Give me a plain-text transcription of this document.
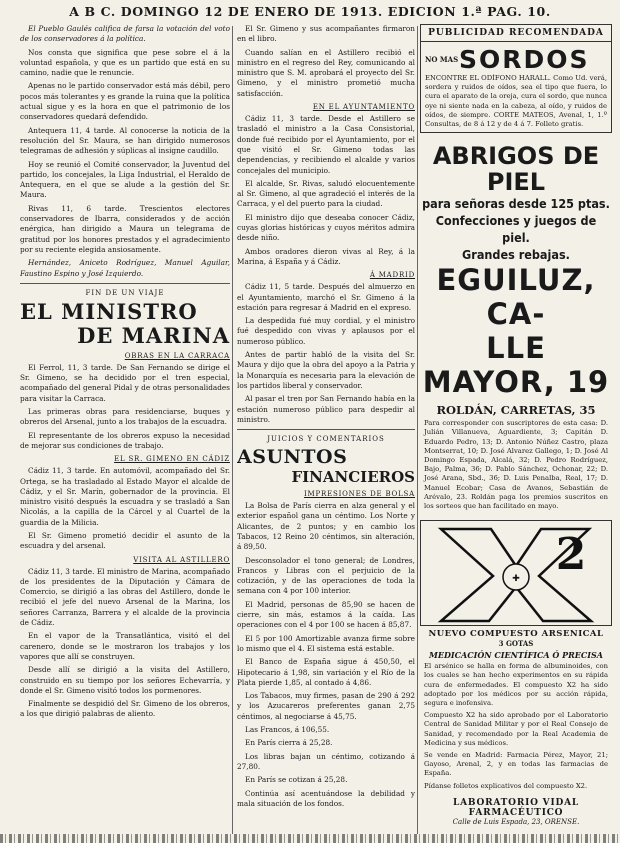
A B C. DOMINGO 12 DE ENERO DE 1913. EDICION 1.ª PAG. 10.

El Pueblo Gaulés califica de farsa la votación del voto de los conservadores á la política.

Nos consta que significa que pese sobre el á la voluntad española, y que es un partido que está en su camino, nadie que le renuncie.

Apenas no le partido conservador está más débil, pero pocos más tolerantes y es grande la ruina que la política actual sigue y es la hora en que el patrimonio de los conservadores quedará defendido.

Antequera 11, 4 tarde. Al conocerse la noticia de la resolución del Sr. Maura, se han dirigido numerosos telegramas de adhesión y súplicas al insigne caudillo.

Hoy se reunió el Comité conservador, la Juventud del partido, los concejales, la Liga Industrial, el Heraldo de Antequera, en el que se alude a la gestión del Sr. Maura.

Rivas 11, 6 tarde. Trescientos electores conservadores de Ibarra, considerados y de acción enérgica, han dirigido a Maura un telegrama de gratitud por los honores prestados y el agradecimiento por su reciente elegida ansiosamente.

Hernández, Aniceto Rodríguez, Manuel Aguilar, Faustino Espino y José Izquierdo.

FIN DE UN VIAJE
EL MINISTRO
DE MARINA
OBRAS EN LA CARRACA

El Ferrol, 11, 3 tarde. De San Fernando se dirige el Sr. Gimeno, se ha decidido por el tren especial, acompañado del general Pidal y de otras personalidades para visitar la Carraca.

Las primeras obras para residenciarse, buques y obreros del Arsenal, junto a los trabajos de la escuadra.

El representante de los obreros expuso la necesidad de mejorar sus condiciones de trabajo.

EL SR. GIMENO EN CÁDIZ

Cádiz 11, 3 tarde. En automóvil, acompañado del Sr. Ortega, se ha trasladado al Estado Mayor el alcalde de Cádiz, y el Sr. Marín, gobernador de la provincia. El ministro visitó después la escuadra y se trasladó a San Nicolás, a la capilla de la Cárcel y al Cuartel de la guardia de la Milicia.

El Sr. Gimeno prometió decidir el asunto de la escuadra y del arsenal.

VISITA AL ASTILLERO

Cádiz 11, 3 tarde. El ministro de Marina, acompañado de los presidentes de la Diputación y Cámara de Comercio, se dirigió a las obras del Astillero, donde le recibió el jefe del nuevo Arsenal de la Marina, los señores Carranza, Barrera y el alcalde de la provincia de Cádiz.

En el vapor de la Transatlántica, visitó el del carenero, donde se le mostraron los trabajos y los vapores que allí se construyen.

Desde allí se dirigió a la visita del Astillero, construido en su tiempo por los señores Echevarría, y donde el Sr. Gimeno visitó todos los pormenores.

Finalmente se despidió del Sr. Gimeno de los obreros, a los que dirigió palabras de aliento.

El Sr. Gimeno y sus acompañantes firmaron en el libro.

Cuando salían en el Astillero recibió el ministro en el regreso del Rey, comunicando al ministro que S. M. aprobará el proyecto del Sr. Gimeno, y el ministro prometió mucha satisfacción.

EN EL AYUNTAMIENTO

Cádiz 11, 3 tarde. Desde el Astillero se trasladó el ministro a la Casa Consistorial, donde fué recibido por el Ayuntamiento, por el que visitó el Sr. Gimeno todas las dependencias, y recibiendo el alcalde y varios concejales del municipio.

El alcalde, Sr. Rivas, saludó elocuentemente al Sr. Gimeno, al que agradeció el interés de la Carraca, y el del puerto para la ciudad.

El ministro dijo que deseaba conocer Cádiz, cuyas glorias históricas y cuyos méritos admira desde niño.

Ambos oradores dieron vivas al Rey, á la Marina, á España y á Cádiz.

Á MADRID

Cádiz 11, 5 tarde. Después del almuerzo en el Ayuntamiento, marchó el Sr. Gimeno á la estación para regresar á Madrid en el expreso.

La despedida fué muy cordial, y el ministro fué despedido con vivas y aplausos por el numeroso público.

Antes de partir habló de la visita del Sr. Maura y dijo que la obra del apoyo a la Patria y la Monarquía es necesaria para la elevación de los partidos liberal y conservador.

Al pasar el tren por San Fernando había en la estación numeroso público para despedir al ministro.

JUICIOS Y COMENTARIOS
ASUNTOS
FINANCIEROS
IMPRESIONES DE BOLSA

La Bolsa de París cierra en alza general y el exterior español gana un céntimo. Los Norte y Alicantes, de 2 puntos; y en cambio los Tabacos, 12 Reino 20 céntimos, sin alteración, á 89,50.

Desconsolador el tono general; de Londres, Francos y Libras con el perjuicio de la cotización, y de las operaciones de toda la semana con 4 por 100 interior.

El Madrid, personas de 85,90 se hacen de cierre, sin más, estamos á la caída. Las operaciones con el 4 por 100 se hacen á 85,87.

El 5 por 100 Amortizable avanza firme sobre lo mismo que el 4. El sistema está estable.

El Banco de España sigue á 450,50, el Hipotecario á 1,98, sin variación y el Río de la Plata pierde 1,85, al contado á 4,86.

Los Tabacos, muy firmes, pasan de 290 á 292 y los Azucareros preferentes ganan 2,75 céntimos, al negociarse á 45,75.

Las Francos, á 106,55.

En París cierra á 25,28.

Los libras bajan un céntimo, cotizando á 27,80.

En París se cotizan á 25,28.

Continúa así acentuándose la debilidad y mala situación de los fondos.

PUBLICIDAD RECOMENDADA
NO MAS SORDOS
ENCONTRE EL ODÍFONO HARALL. Como Ud. verá, sordera y ruidos de oídos, sea el tipo que fuera, lo cura el aparato de la oreja, cura el sordo, que nunca oye ni siente nada en la cabeza, al oído, y ruidos de oídos, de siempre. CORTE MATEOS, Avenal, 1, 1.º Consultas, de 8 á 12 y de 4 á 7. Folleto gratis.
ABRIGOS DE PIEL
para señoras desde 125 ptas.
Confecciones y juegos de piel.
Grandes rebajas.
EGUILUZ, CA-
LLE MAYOR, 19
ROLDÁN, CARRETAS, 35
Para corresponder con suscriptores de esta casa: D. Julián Villanueva, Aguardiente, 3; Capitán D. Eduardo Pedro, 13; D. Antonio Núñez Castro, plaza Montserrat, 10; D. José Alvarez Gallego, 1; D. José Al Domingo Espada, Alcalá, 32; D. Pedro Rodríguez, Bajo, Palma, 36; D. Pablo Sánchez, Ochonar, 22; D. José Arana, Sbd., 36; D. Luis Penalba, Real, 17; D. Manuel Ecobar; Casa de Avanos, Sebastián de Arévalo, 23. Roldán paga los premios suscritos en los sorteos que han facilitado en mayo.
✚ 2
NUEVO COMPUESTO ARSENICAL
3 GOTAS
MEDICACIÓN CIENTÍFICA Ó PRECISA
El arsénico se halla en forma de albuminoides, con los cuales se han hecho experimentos en su rápida cura de enfermedades. El compuesto X2 ha sido adoptado por los médicos por su acción rápida, segura e inofensiva.
Compuesto X2 ha sido aprobado por el Laboratorio Central de Sanidad Militar y por el Real Consejo de Sanidad, y recomendado por la Real Academia de Medicina y sus médicos.
Se vende en Madrid: Farmacia Pérez, Mayor, 21; Gayoso, Arenal, 2, y en todas las farmacias de España.
Pídanse folletos explicativos del compuesto X2.
LABORATORIO VIDAL FARMACÉUTICO
Calle de Luis Espada, 23, ORENSE.
